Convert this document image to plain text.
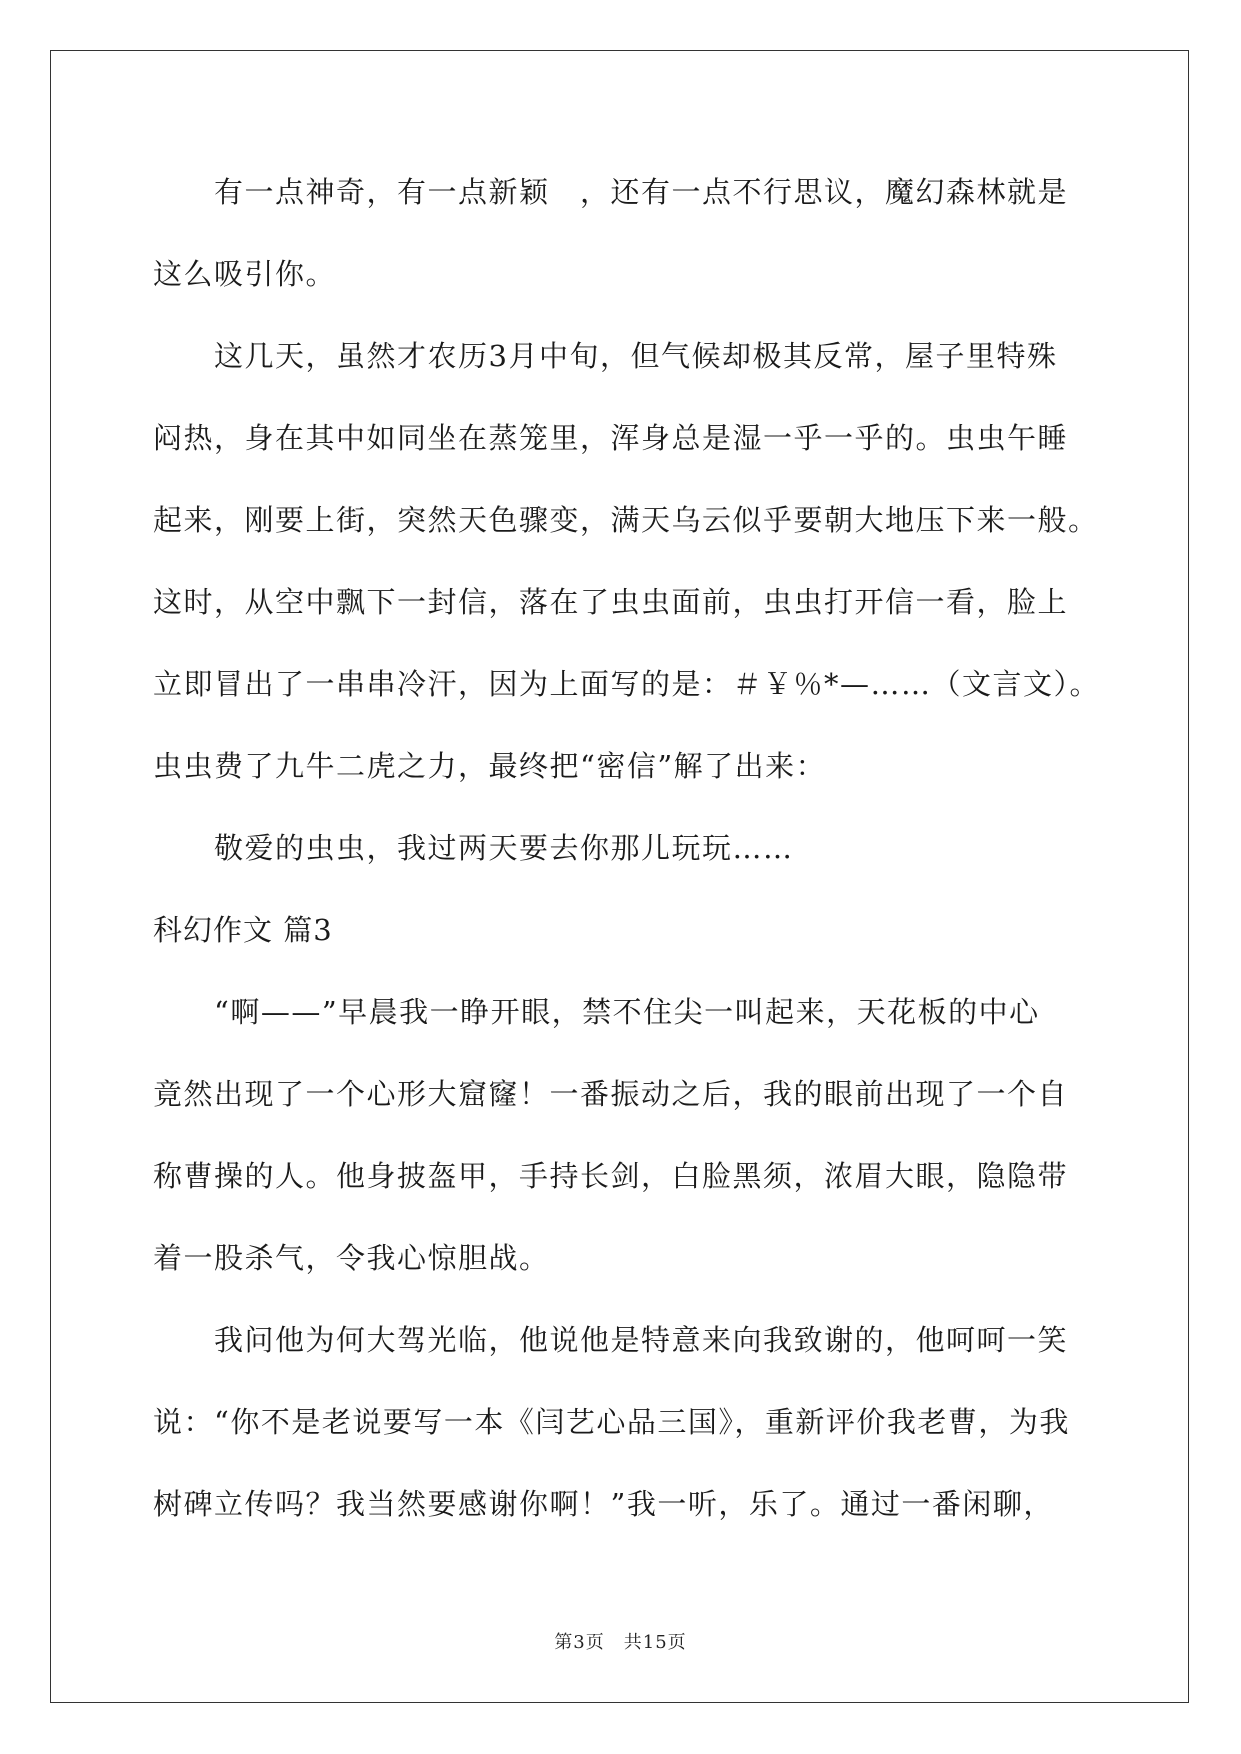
有一点神奇，有一点新颖　，还有一点不行思议，魔幻森林就是
这么吸引你。
这几天，虽然才农历3月中旬，但气候却极其反常，屋子里特殊
闷热，身在其中如同坐在蒸笼里，浑身总是湿一乎一乎的。虫虫午睡
起来，刚要上街，突然天色骤变，满天乌云似乎要朝大地压下来一般。
这时，从空中飘下一封信，落在了虫虫面前，虫虫打开信一看，脸上
立即冒出了一串串冷汗，因为上面写的是：＃￥％*—……（文言文）。
虫虫费了九牛二虎之力，最终把“密信”解了出来：
敬爱的虫虫，我过两天要去你那儿玩玩……
科幻作文 篇3
“啊——”早晨我一睁开眼，禁不住尖一叫起来，天花板的中心
竟然出现了一个心形大窟窿！一番振动之后，我的眼前出现了一个自
称曹操的人。他身披盔甲，手持长剑，白脸黑须，浓眉大眼，隐隐带
着一股杀气，令我心惊胆战。
我问他为何大驾光临，他说他是特意来向我致谢的，他呵呵一笑
说：“你不是老说要写一本《闫艺心品三国》，重新评价我老曹，为我
树碑立传吗？我当然要感谢你啊！”我一听，乐了。通过一番闲聊，
第3页　共15页
